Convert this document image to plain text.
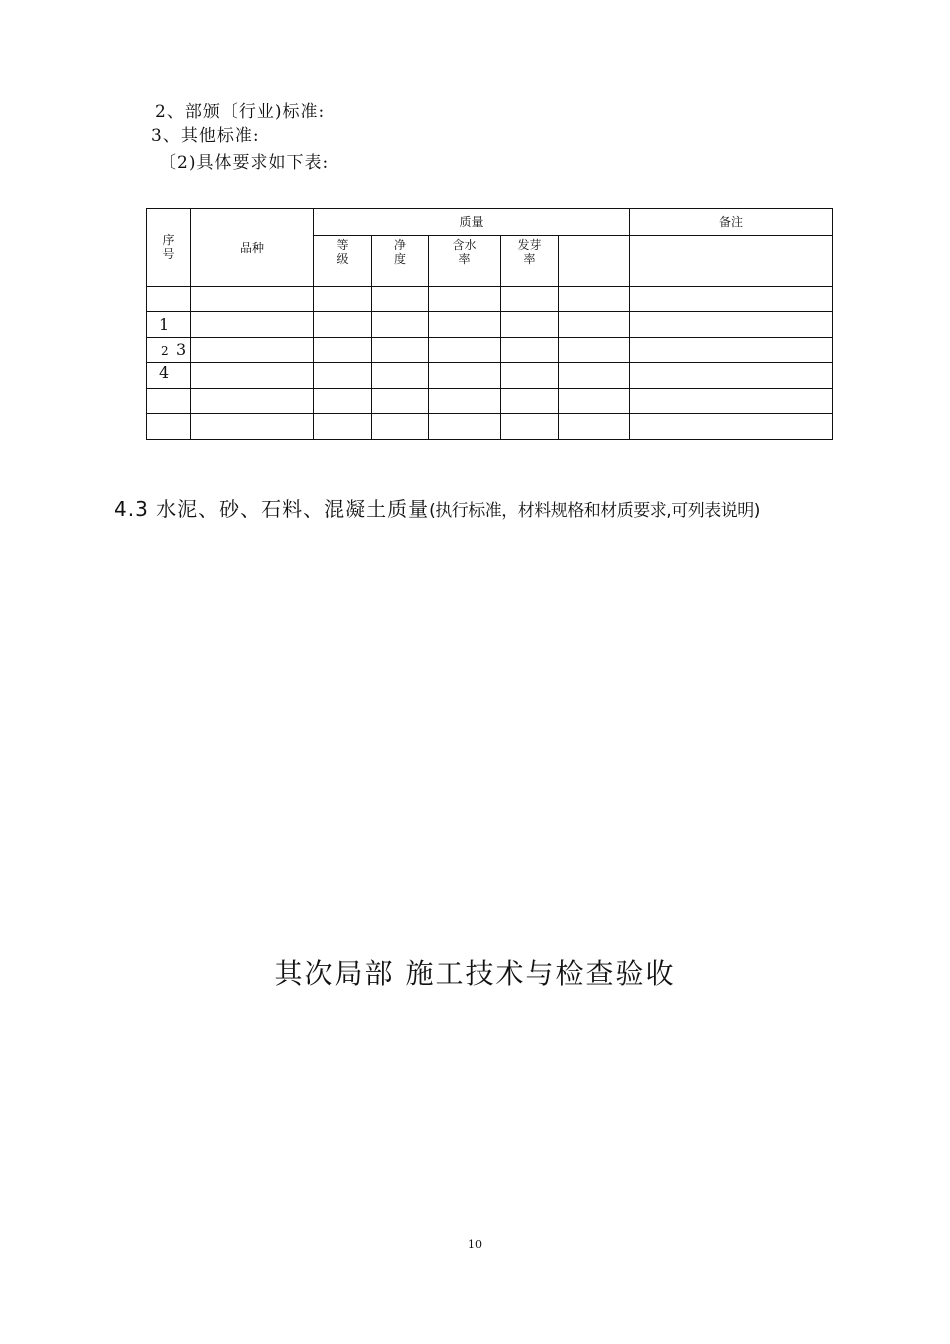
2、部颁〔行业)标准:
3、其他标准:
〔2)具体要求如下表:
序号	品种	质量					备注
		等级	净度	含水率	发芽率		

1							

2 3							

4							

4.3 水泥、砂、石料、混凝土质量(执行标准，材料规格和材质要求,可列表说明)
其次局部 施工技术与检查验收
10
